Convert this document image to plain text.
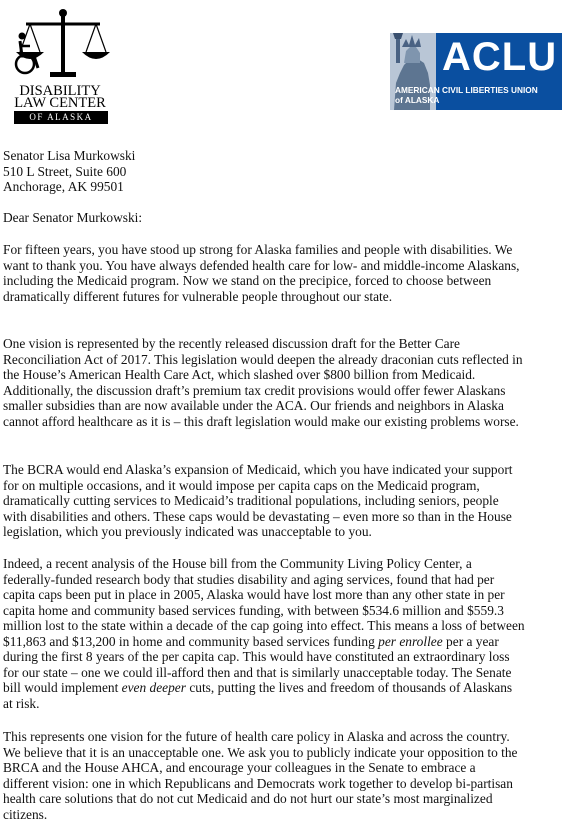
DISABILITY
LAW CENTER
OF ALASKA
ACLU
AMERICAN CIVIL LIBERTIES UNION
of ALASKA
Senator Lisa Murkowski
510 L Street, Suite 600
Anchorage, AK 99501
Dear Senator Murkowski:
For fifteen years, you have stood up strong for Alaska families and people with disabilities. We
want to thank you. You have always defended health care for low- and middle-income Alaskans,
including the Medicaid program. Now we stand on the precipice, forced to choose between
dramatically different futures for vulnerable people throughout our state.
One vision is represented by the recently released discussion draft for the Better Care
Reconciliation Act of 2017. This legislation would deepen the already draconian cuts reflected in
the House’s American Health Care Act, which slashed over $800 billion from Medicaid.
Additionally, the discussion draft’s premium tax credit provisions would offer fewer Alaskans
smaller subsidies than are now available under the ACA. Our friends and neighbors in Alaska
cannot afford healthcare as it is – this draft legislation would make our existing problems worse.
The BCRA would end Alaska’s expansion of Medicaid, which you have indicated your support
for on multiple occasions, and it would impose per capita caps on the Medicaid program,
dramatically cutting services to Medicaid’s traditional populations, including seniors, people
with disabilities and others. These caps would be devastating – even more so than in the House
legislation, which you previously indicated was unacceptable to you.
Indeed, a recent analysis of the House bill from the Community Living Policy Center, a
federally-funded research body that studies disability and aging services, found that had per
capita caps been put in place in 2005, Alaska would have lost more than any other state in per
capita home and community based services funding, with between $534.6 million and $559.3
million lost to the state within a decade of the cap going into effect. This means a loss of between
$11,863 and $13,200 in home and community based services funding per enrollee per a year
during the first 8 years of the per capita cap. This would have constituted an extraordinary loss
for our state – one we could ill-afford then and that is similarly unacceptable today. The Senate
bill would implement even deeper cuts, putting the lives and freedom of thousands of Alaskans
at risk.
This represents one vision for the future of health care policy in Alaska and across the country.
We believe that it is an unacceptable one. We ask you to publicly indicate your opposition to the
BRCA and the House AHCA, and encourage your colleagues in the Senate to embrace a
different vision: one in which Republicans and Democrats work together to develop bi-partisan
health care solutions that do not cut Medicaid and do not hurt our state’s most marginalized
citizens.
